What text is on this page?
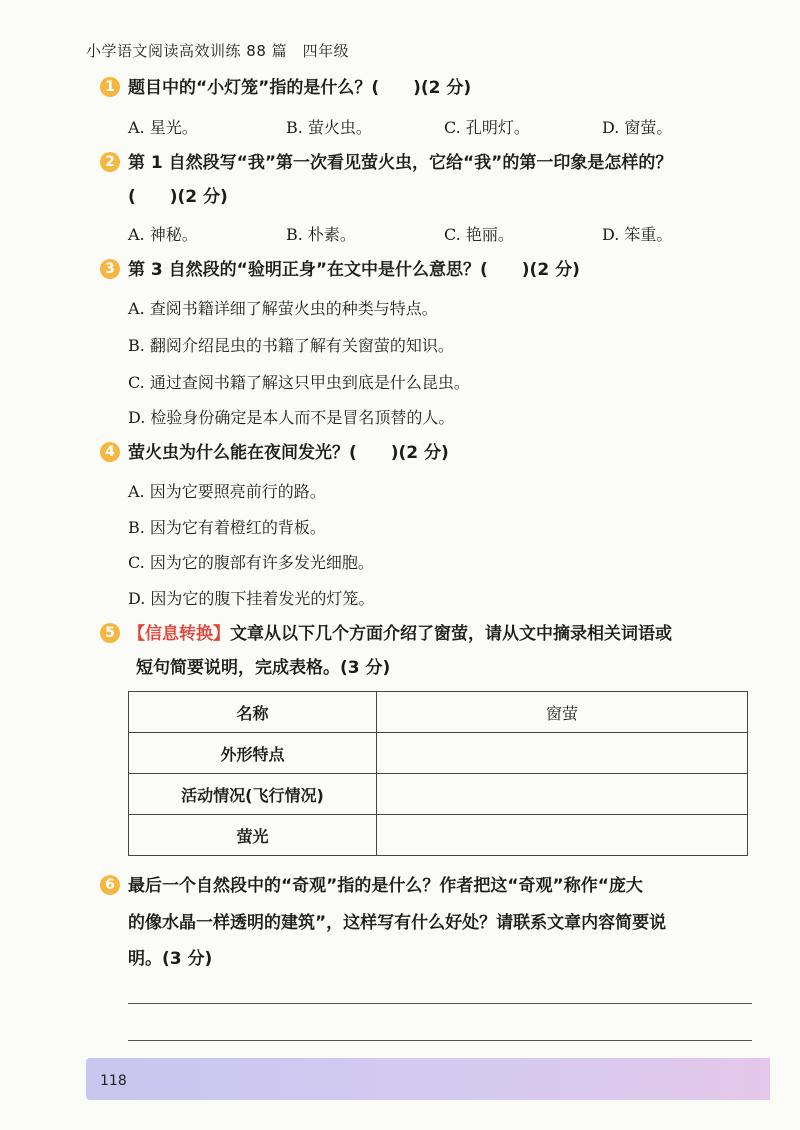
小学语文阅读高效训练 88 篇　四年级
1 题目中的“小灯笼”指的是什么？(　　)(2 分)
A. 星光。	B. 萤火虫。	C. 孔明灯。	D. 窗萤。
2 第 1 自然段写“我”第一次看见萤火虫，它给“我”的第一印象是怎样的？
(　　)(2 分)
A. 神秘。	B. 朴素。	C. 艳丽。	D. 笨重。
3 第 3 自然段的“验明正身”在文中是什么意思？(　　)(2 分)
A. 查阅书籍详细了解萤火虫的种类与特点。
B. 翻阅介绍昆虫的书籍了解有关窗萤的知识。
C. 通过查阅书籍了解这只甲虫到底是什么昆虫。
D. 检验身份确定是本人而不是冒名顶替的人。
4 萤火虫为什么能在夜间发光？(　　)(2 分)
A. 因为它要照亮前行的路。
B. 因为它有着橙红的背板。
C. 因为它的腹部有许多发光细胞。
D. 因为它的腹下挂着发光的灯笼。
5 【信息转换】文章从以下几个方面介绍了窗萤，请从文中摘录相关词语或
短句简要说明，完成表格。(3 分)
名称	窗萤
外形特点	
活动情况(飞行情况)	
萤光	
6 最后一个自然段中的“奇观”指的是什么？作者把这“奇观”称作“庞大
的像水晶一样透明的建筑”，这样写有什么好处？请联系文章内容简要说
明。(3 分)
118
